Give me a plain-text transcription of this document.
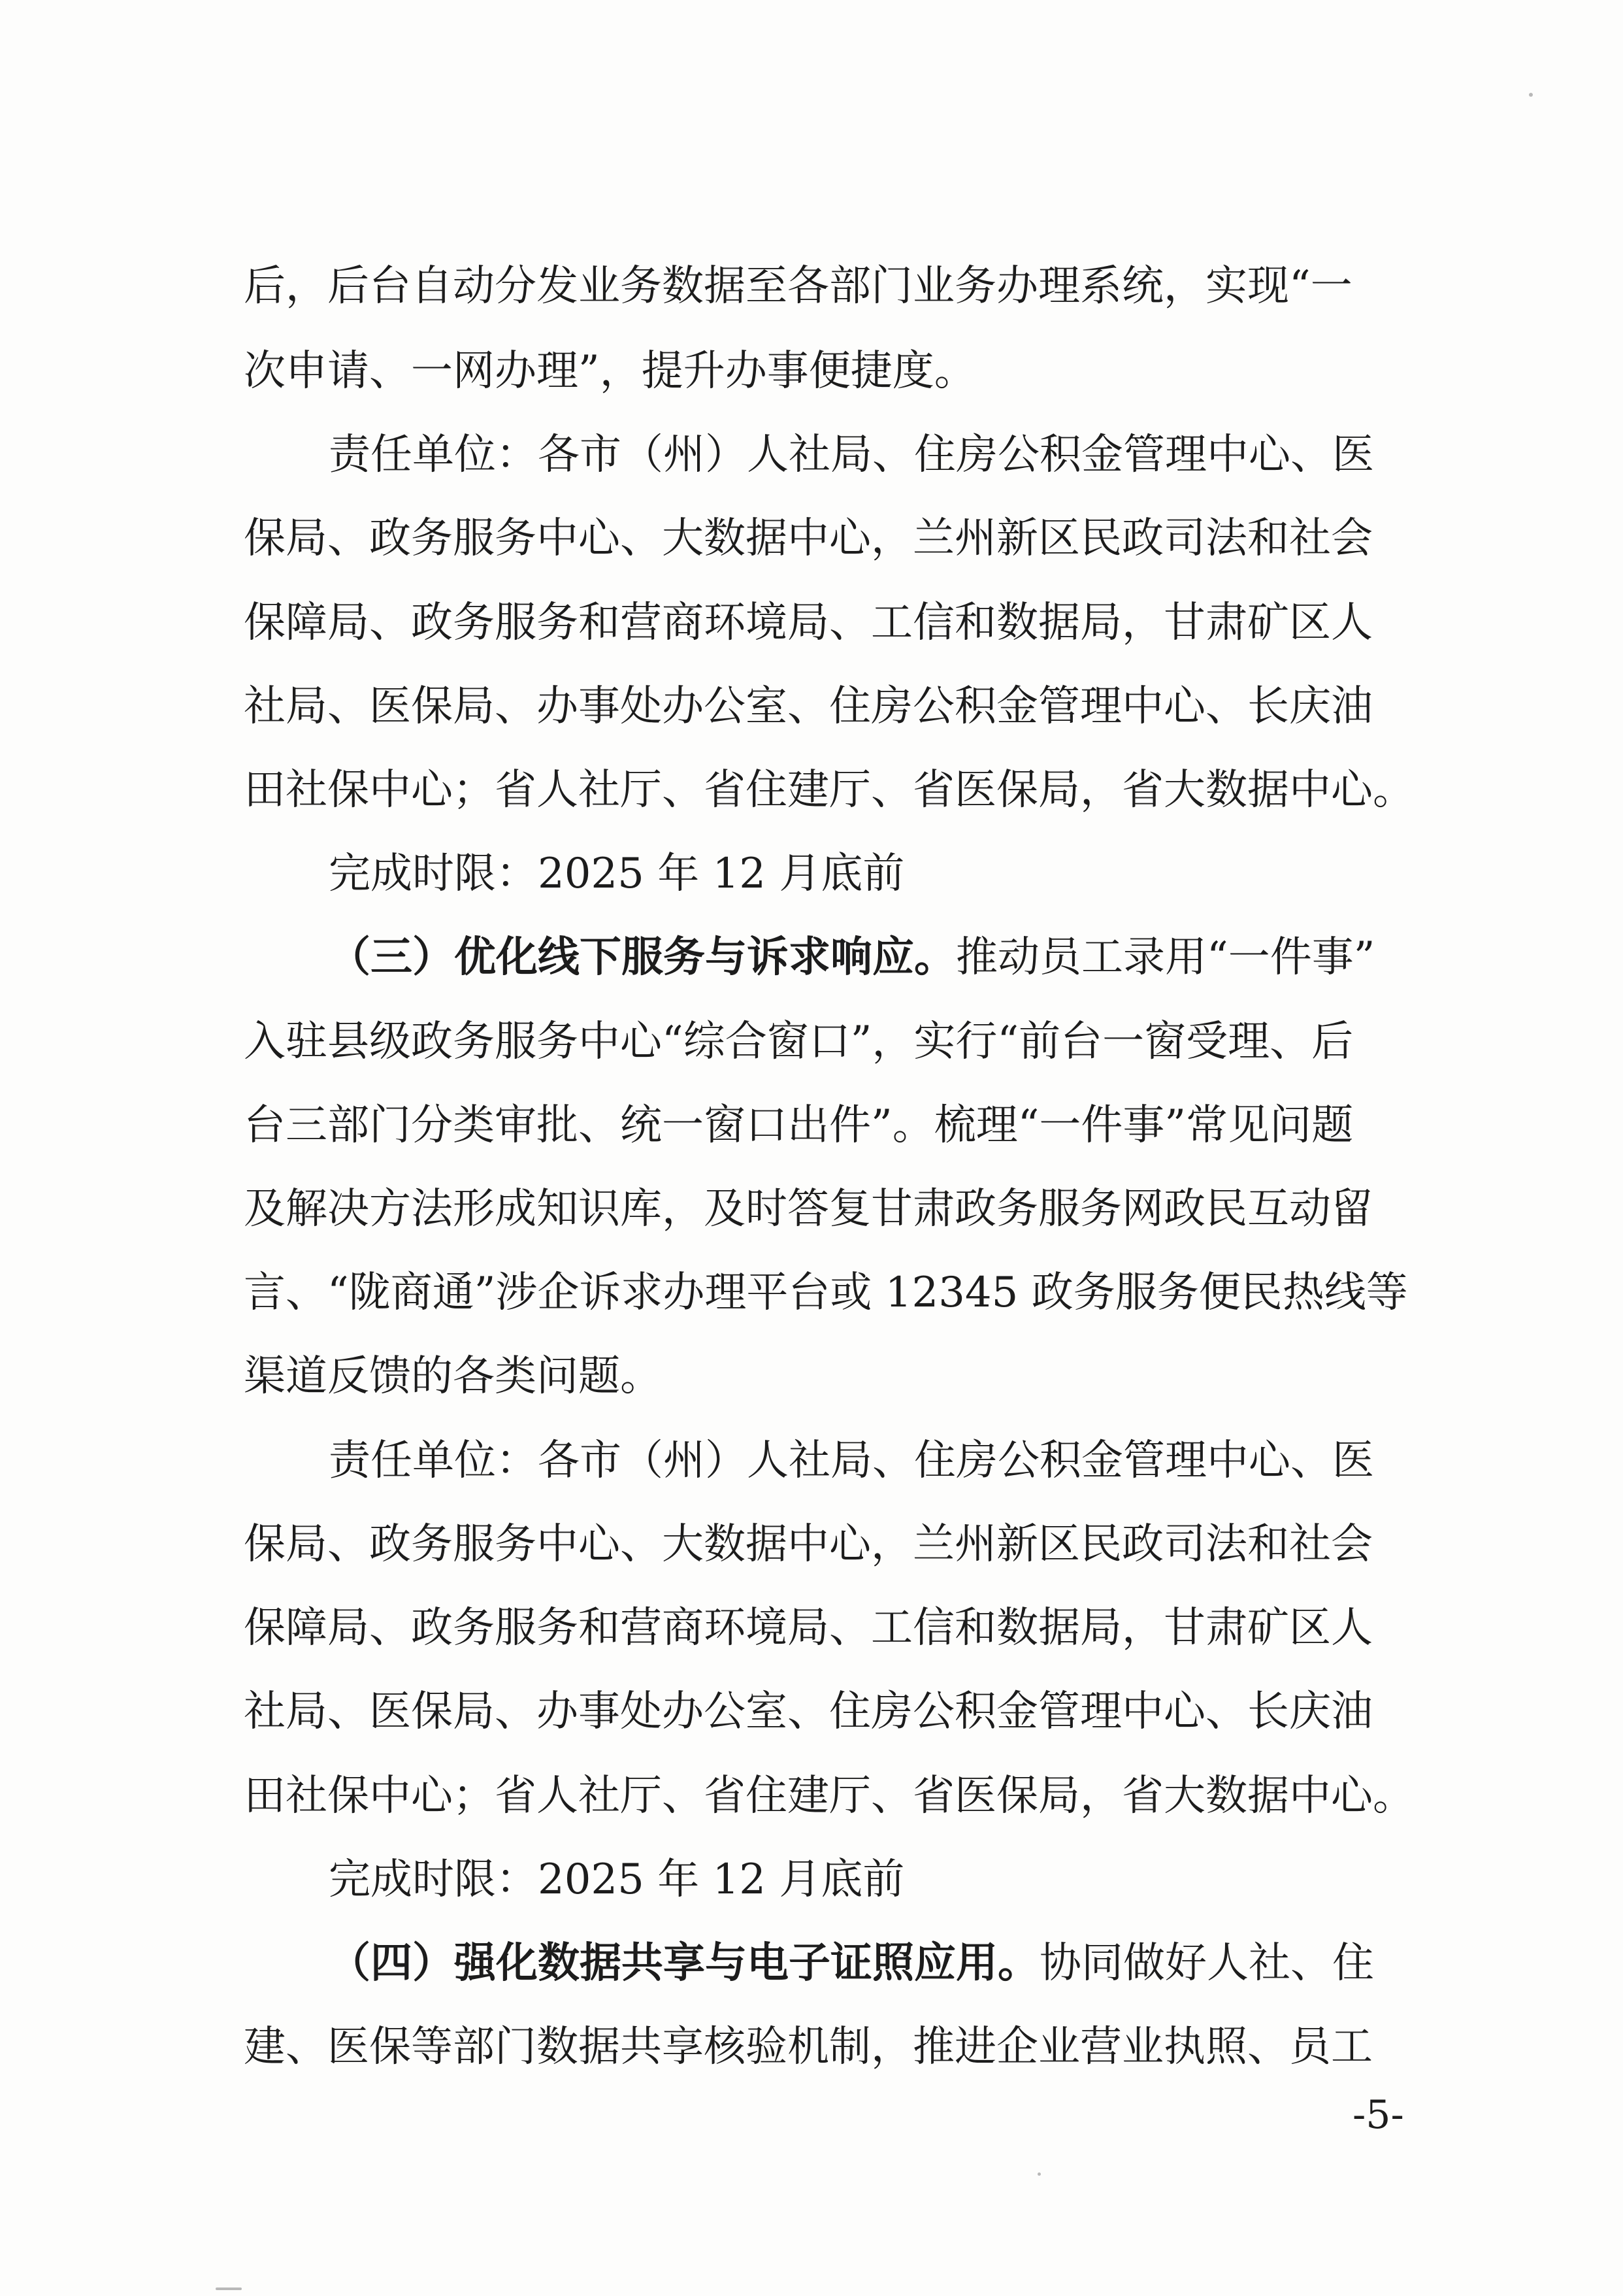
后，后台自动分发业务数据至各部门业务办理系统，实现“一
次申请、一网办理”，提升办事便捷度。
责任单位：各市（州）人社局、住房公积金管理中心、医
保局、政务服务中心、大数据中心，兰州新区民政司法和社会
保障局、政务服务和营商环境局、工信和数据局，甘肃矿区人
社局、医保局、办事处办公室、住房公积金管理中心、长庆油
田社保中心；省人社厅、省住建厅、省医保局，省大数据中心。
完成时限：2025 年 12 月底前
（三）优化线下服务与诉求响应。推动员工录用“一件事”
入驻县级政务服务中心“综合窗口”，实行“前台一窗受理、后
台三部门分类审批、统一窗口出件”。梳理“一件事”常见问题
及解决方法形成知识库，及时答复甘肃政务服务网政民互动留
言、“陇商通”涉企诉求办理平台或 12345 政务服务便民热线等
渠道反馈的各类问题。
责任单位：各市（州）人社局、住房公积金管理中心、医
保局、政务服务中心、大数据中心，兰州新区民政司法和社会
保障局、政务服务和营商环境局、工信和数据局，甘肃矿区人
社局、医保局、办事处办公室、住房公积金管理中心、长庆油
田社保中心；省人社厅、省住建厅、省医保局，省大数据中心。
完成时限：2025 年 12 月底前
（四）强化数据共享与电子证照应用。协同做好人社、住
建、医保等部门数据共享核验机制，推进企业营业执照、员工
-5-
